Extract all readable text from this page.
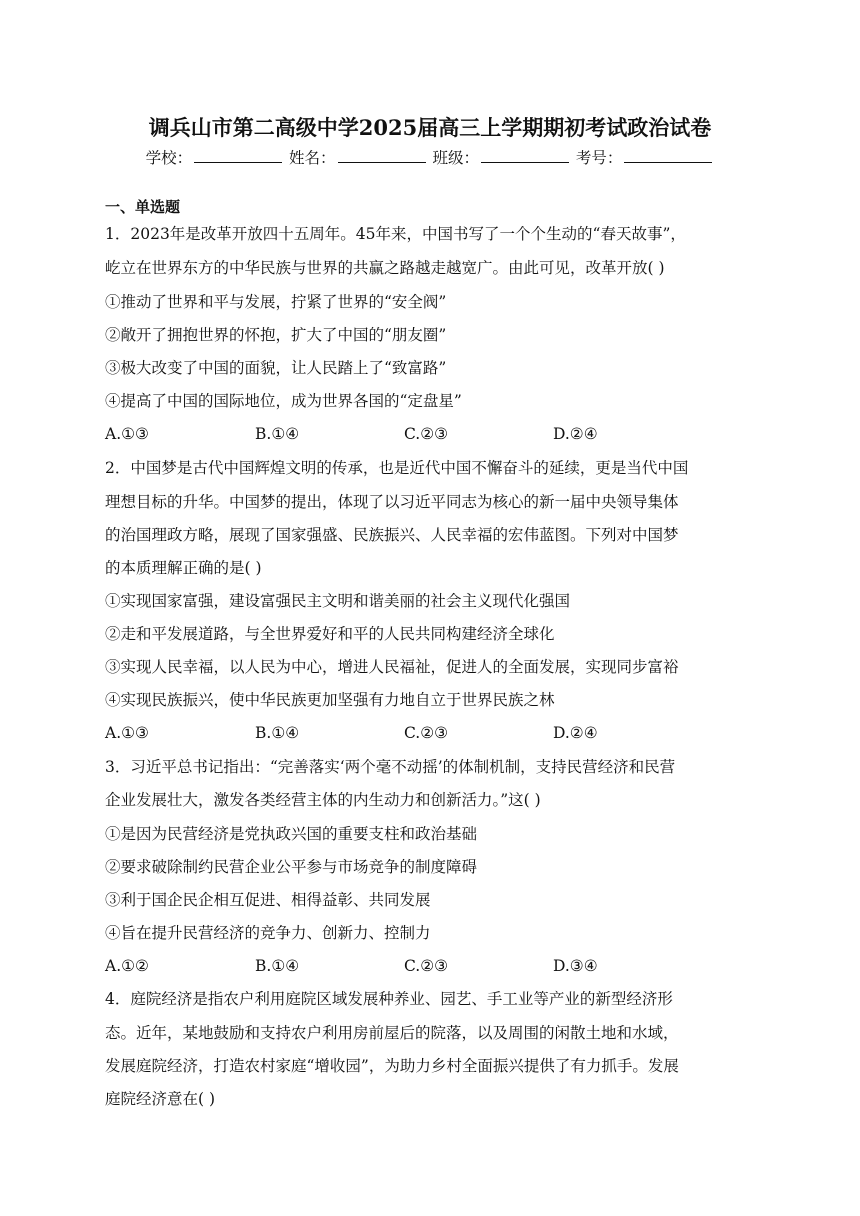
调兵山市第二高级中学2025届高三上学期期初考试政治试卷
学校：	姓名：	班级：	考号：
一、单选题
1．2023年是改革开放四十五周年。45年来，中国书写了一个个生动的“春天故事”，
屹立在世界东方的中华民族与世界的共赢之路越走越宽广。由此可见，改革开放( )
①推动了世界和平与发展，拧紧了世界的“安全阀”
②敞开了拥抱世界的怀抱，扩大了中国的“朋友圈”
③极大改变了中国的面貌，让人民踏上了“致富路”
④提高了中国的国际地位，成为世界各国的“定盘星”
A.①③	B.①④	C.②③	D.②④
2．中国梦是古代中国辉煌文明的传承，也是近代中国不懈奋斗的延续，更是当代中国
理想目标的升华。中国梦的提出，体现了以习近平同志为核心的新一届中央领导集体
的治国理政方略，展现了国家强盛、民族振兴、人民幸福的宏伟蓝图。下列对中国梦
的本质理解正确的是( )
①实现国家富强，建设富强民主文明和谐美丽的社会主义现代化强国
②走和平发展道路，与全世界爱好和平的人民共同构建经济全球化
③实现人民幸福，以人民为中心，增进人民福祉，促进人的全面发展，实现同步富裕
④实现民族振兴，使中华民族更加坚强有力地自立于世界民族之林
A.①③	B.①④	C.②③	D.②④
3．习近平总书记指出：“完善落实‘两个毫不动摇’的体制机制，支持民营经济和民营
企业发展壮大，激发各类经营主体的内生动力和创新活力。”这( )
①是因为民营经济是党执政兴国的重要支柱和政治基础
②要求破除制约民营企业公平参与市场竞争的制度障碍
③利于国企民企相互促进、相得益彰、共同发展
④旨在提升民营经济的竞争力、创新力、控制力
A.①②	B.①④	C.②③	D.③④
4．庭院经济是指农户利用庭院区域发展种养业、园艺、手工业等产业的新型经济形
态。近年，某地鼓励和支持农户利用房前屋后的院落，以及周围的闲散土地和水域，
发展庭院经济，打造农村家庭“增收园”，为助力乡村全面振兴提供了有力抓手。发展
庭院经济意在( )
